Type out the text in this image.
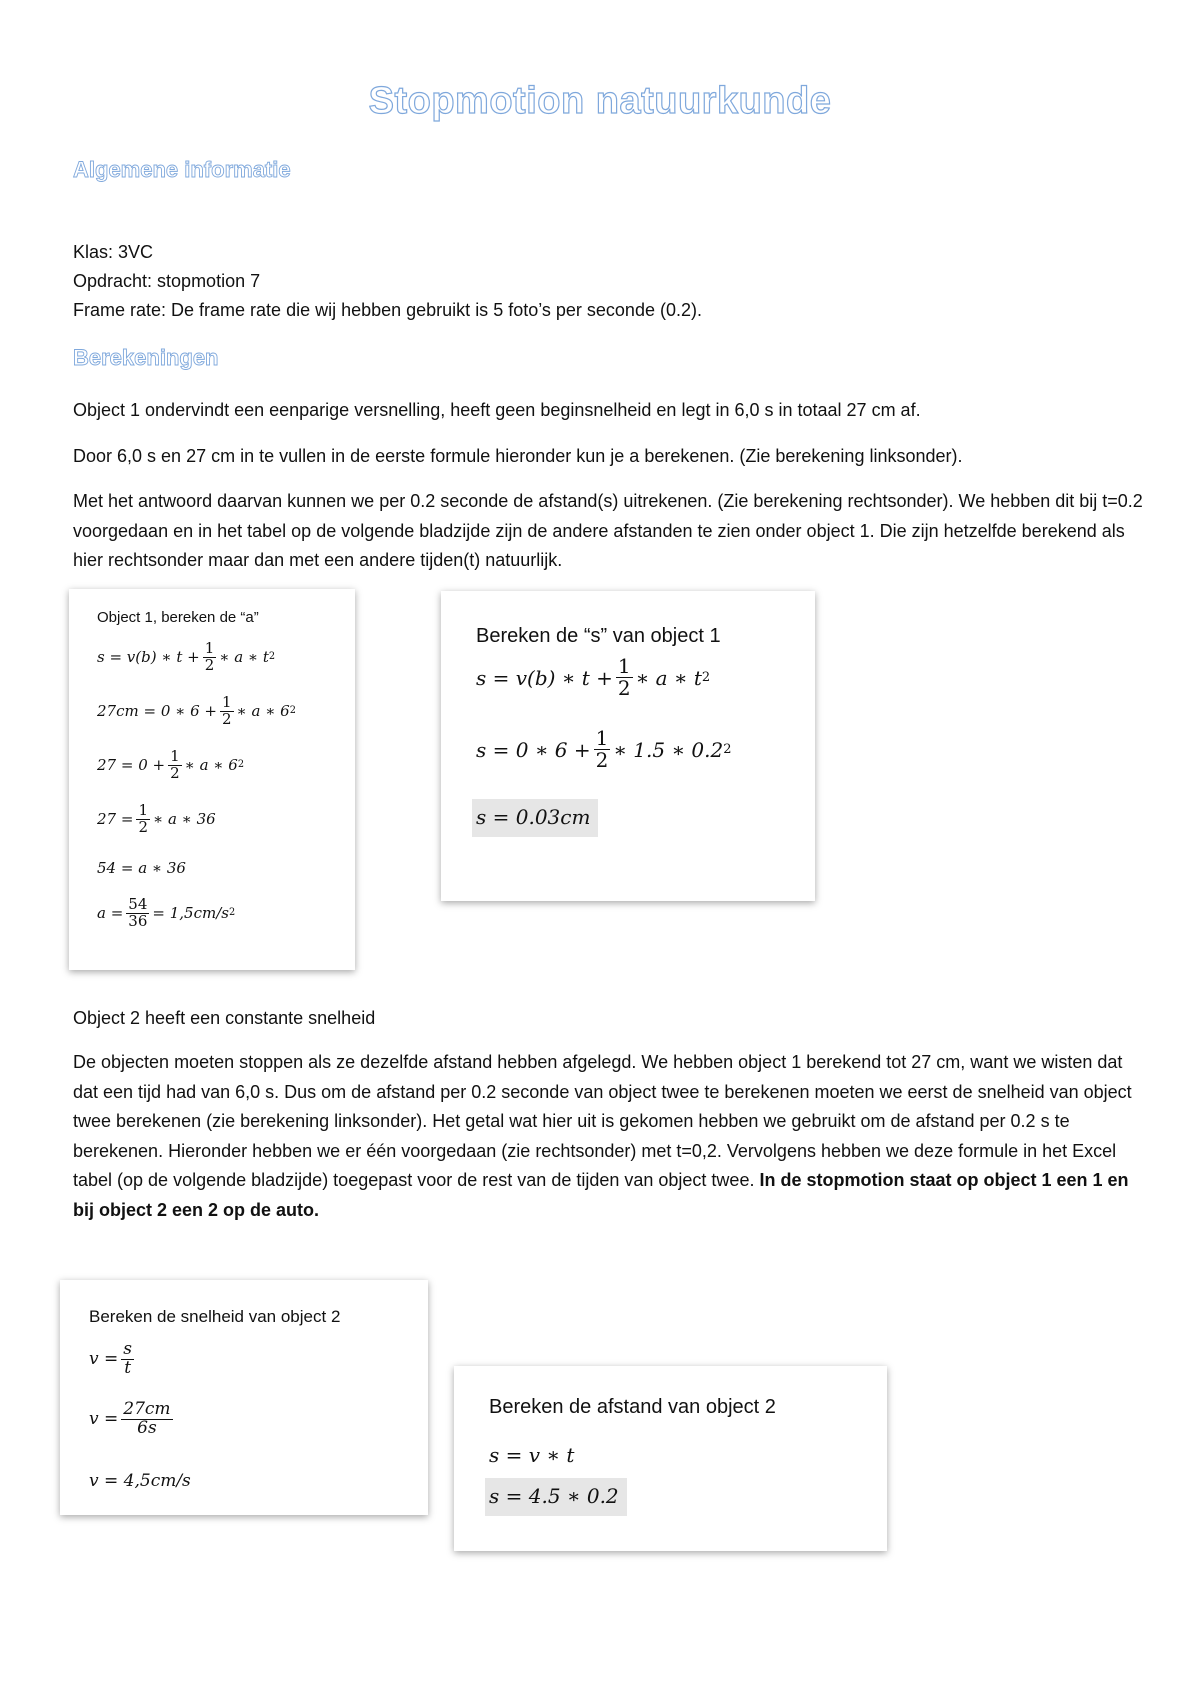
Stopmotion natuurkunde
Algemene informatie

Klas: 3VC

Opdracht: stopmotion 7

Frame rate: De frame rate die wij hebben gebruikt is 5 foto’s per seconde (0.2).

Berekeningen

Object 1 ondervindt een eenparige versnelling, heeft geen beginsnelheid en legt in 6,0 s in totaal 27 cm af.

Door 6,0 s en 27 cm in te vullen in de eerste formule hieronder kun je a berekenen. (Zie berekening linksonder).

Met het antwoord daarvan kunnen we per 0.2 seconde de afstand(s) uitrekenen. (Zie berekening rechtsonder). We hebben dit bij t=0.2 voorgedaan en in het tabel op de volgende bladzijde zijn de andere afstanden te zien onder object 1. Die zijn hetzelfde berekend als hier rechtsonder maar dan met een andere tijden(t) natuurlijk.

Object 1, bereken de “a”

s = v(b) ∗ $t + \frac{1}{2}$ ∗ a ∗ t 2
27cm = 0 ∗ $6 + \frac{1}{2}$ ∗ a ∗ 6 2
$27 = 0 + \frac{1}{2}$ ∗ a ∗ 6 2
$27 = \frac{1}{2}$ ∗ a ∗ 36
54 = a ∗ 36
$a = \frac{54}{36} = 1,5cm/s$ 2

Bereken de “s” van object 1

s = v(b) ∗ $t + \frac{1}{2}$ ∗ a ∗ t 2
s = 0 ∗ $6 + \frac{1}{2}$ ∗ 1.5 ∗ 0.2 2
s = 0.03cm

Object 2 heeft een constante snelheid

De objecten moeten stoppen als ze dezelfde afstand hebben afgelegd. We hebben object 1 berekend tot 27 cm, want we wisten dat dat een tijd had van 6,0 s. Dus om de afstand per 0.2 seconde van object twee te berekenen moeten we eerst de snelheid van object twee berekenen (zie berekening linksonder). Het getal wat hier uit is gekomen hebben we gebruikt om de afstand per 0.2 s te berekenen. Hieronder hebben we er één voorgedaan (zie rechtsonder) met t=0,2. Vervolgens hebben we deze formule in het Excel tabel (op de volgende bladzijde) toegepast voor de rest van de tijden van object twee. In de stopmotion staat op object 1 een 1 en bij object 2 een 2 op de auto.

Bereken de snelheid van object 2

$v = \frac{s}{t}$
$v = \frac{27cm}{6s}$
v = 4,5cm/s

Bereken de afstand van object 2

s = v ∗ t
s = 4.5 ∗ 0.2
